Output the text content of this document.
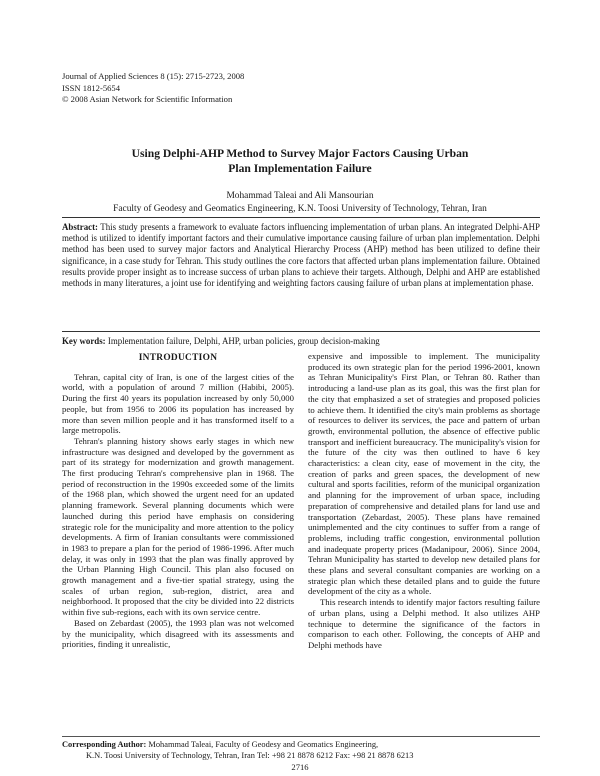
Journal of Applied Sciences 8 (15): 2715-2723, 2008
ISSN 1812-5654
© 2008 Asian Network for Scientific Information
Using Delphi-AHP Method to Survey Major Factors Causing Urban
Plan Implementation Failure
Mohammad Taleai and Ali Mansourian
Faculty of Geodesy and Geomatics Engineering, K.N. Toosi University of Technology, Tehran, Iran
Abstract: This study presents a framework to evaluate factors influencing implementation of urban plans. An integrated Delphi-AHP method is utilized to identify important factors and their cumulative importance causing failure of urban plan implementation. Delphi method has been used to survey major factors and Analytical Hierarchy Process (AHP) method has been utilized to define their significance, in a case study for Tehran. This study outlines the core factors that affected urban plans implementation failure. Obtained results provide proper insight as to increase success of urban plans to achieve their targets. Although, Delphi and AHP are established methods in many literatures, a joint use for identifying and weighting factors causing failure of urban plans at implementation phase.
Key words: Implementation failure, Delphi, AHP, urban policies, group decision-making
INTRODUCTION

Tehran, capital city of Iran, is one of the largest cities of the world, with a population of around 7 million (Habibi, 2005). During the first 40 years its population increased by only 50,000 people, but from 1956 to 2006 its population has increased by more than seven million people and it has transformed itself to a large metropolis.

Tehran's planning history shows early stages in which new infrastructure was designed and developed by the government as part of its strategy for modernization and growth management. The first producing Tehran's comprehensive plan in 1968. The period of reconstruction in the 1990s exceeded some of the limits of the 1968 plan, which showed the urgent need for an updated planning framework. Several planning documents which were launched during this period have emphasis on considering strategic role for the municipality and more attention to the policy developments. A firm of Iranian consultants were commissioned in 1983 to prepare a plan for the period of 1986-1996. After much delay, it was only in 1993 that the plan was finally approved by the Urban Planning High Council. This plan also focused on growth management and a five-tier spatial strategy, using the scales of urban region, sub-region, district, area and neighborhood. It proposed that the city be divided into 22 districts within five sub-regions, each with its own service centre.

Based on Zebardast (2005), the 1993 plan was not welcomed by the municipality, which disagreed with its assessments and priorities, finding it unrealistic,

expensive and impossible to implement. The municipality produced its own strategic plan for the period 1996-2001, known as Tehran Municipality's First Plan, or Tehran 80. Rather than introducing a land-use plan as its goal, this was the first plan for the city that emphasized a set of strategies and proposed policies to achieve them. It identified the city's main problems as shortage of resources to deliver its services, the pace and pattern of urban growth, environmental pollution, the absence of effective public transport and inefficient bureaucracy. The municipality's vision for the future of the city was then outlined to have 6 key characteristics: a clean city, ease of movement in the city, the creation of parks and green spaces, the development of new cultural and sports facilities, reform of the municipal organization and planning for the improvement of urban space, including preparation of comprehensive and detailed plans for land use and transportation (Zebardast, 2005). These plans have remained unimplemented and the city continues to suffer from a range of problems, including traffic congestion, environmental pollution and inadequate property prices (Madanipour, 2006). Since 2004, Tehran Municipality has started to develop new detailed plans for these plans and several consultant companies are working on a strategic plan which these detailed plans and to guide the future development of the city as a whole.

This research intends to identify major factors resulting failure of urban plans, using a Delphi method. It also utilizes AHP technique to determine the significance of the factors in comparison to each other. Following, the concepts of AHP and Delphi methods have

Corresponding Author: Mohammad Taleai, Faculty of Geodesy and Geomatics Engineering,
K.N. Toosi University of Technology, Tehran, Iran Tel: +98 21 8878 6212 Fax: +98 21 8878 6213
2716
